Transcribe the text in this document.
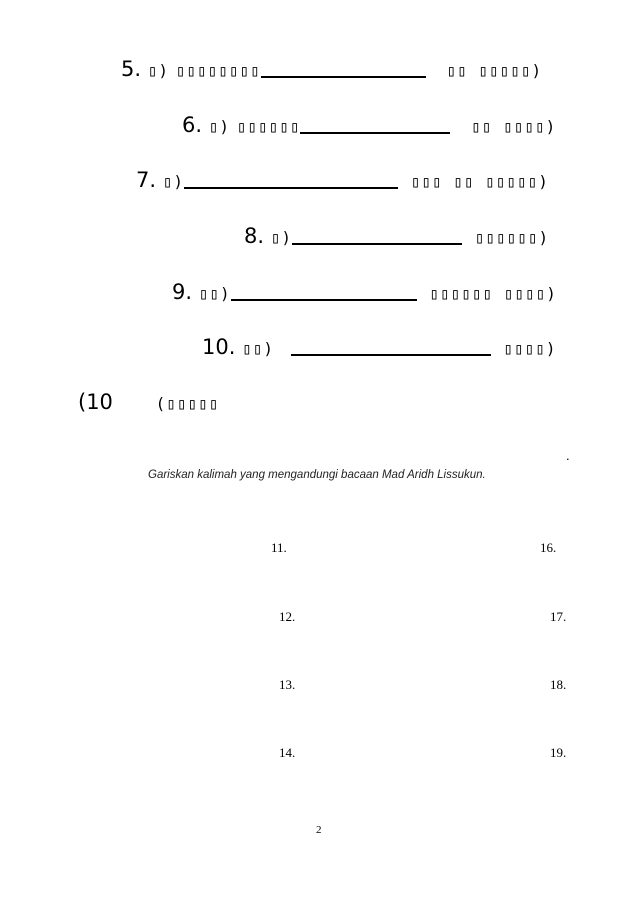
5. ▯) ▯▯▯▯▯▯▯▯	▯▯ ▯▯▯▯▯)
6. ▯) ▯▯▯▯▯▯	▯▯ ▯▯▯▯)
7. ▯)	▯▯▯ ▯▯ ▯▯▯▯▯)
8. ▯)	▯▯▯▯▯▯)
9. ▯▯)	▯▯▯▯▯▯ ▯▯▯▯)
10. ▯▯)	▯▯▯▯)
(10	(▯▯▯▯▯
.
Gariskan kalimah yang mengandungi bacaan Mad Aridh Lissukun.
11.
12.
13.
14.
16.
17.
18.
19.
2
